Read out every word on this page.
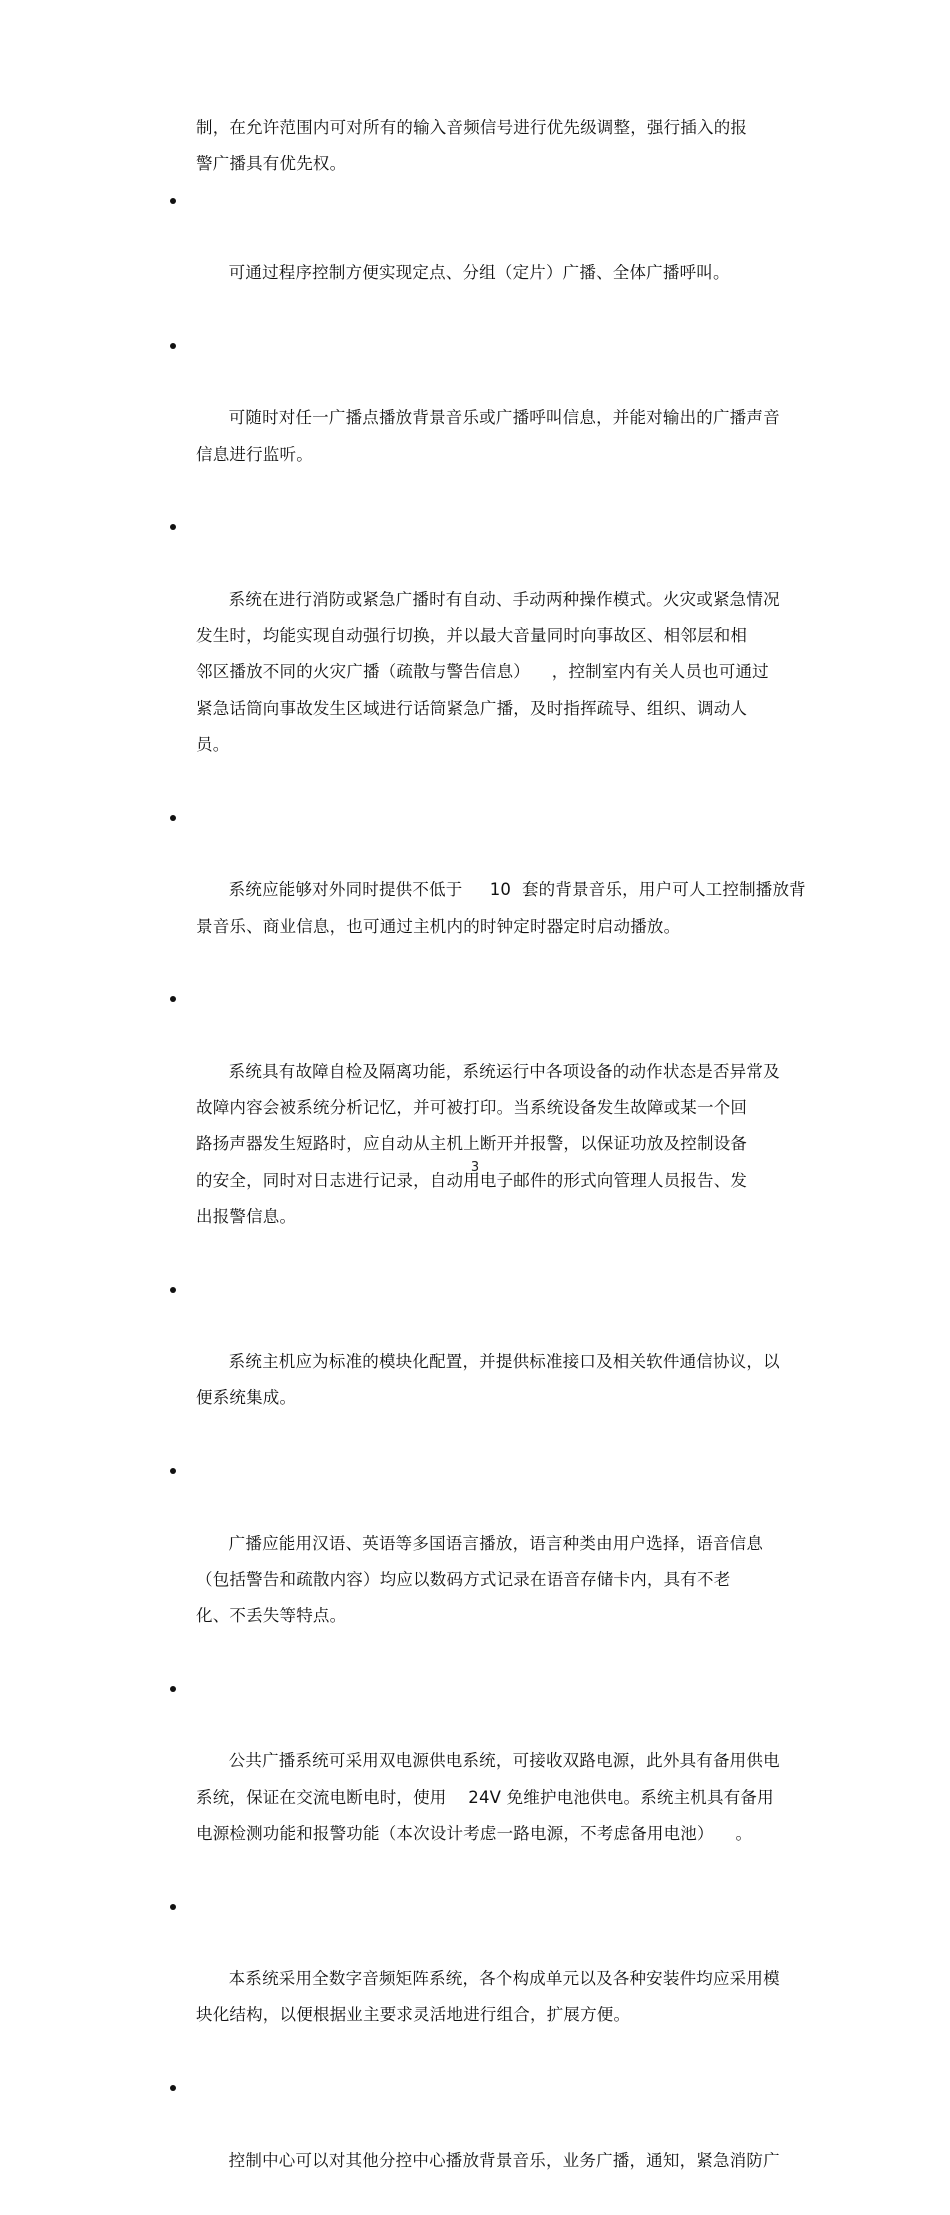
制，在允许范围内可对所有的输入音频信号进行优先级调整，强行插入的报
警广播具有优先权。

可通过程序控制方便实现定点、分组（定片）广播、全体广播呼叫。

可随时对任一广播点播放背景音乐或广播呼叫信息，并能对输出的广播声音
信息进行监听。

系统在进行消防或紧急广播时有自动、手动两种操作模式。火灾或紧急情况
发生时，均能实现自动强行切换，并以最大音量同时向事故区、相邻层和相
邻区播放不同的火灾广播（疏散与警告信息）    ，控制室内有关人员也可通过
紧急话筒向事故发生区域进行话筒紧急广播，及时指挥疏导、组织、调动人
员。

系统应能够对外同时提供不低于     10  套的背景音乐，用户可人工控制播放背
景音乐、商业信息，也可通过主机内的时钟定时器定时启动播放。

系统具有故障自检及隔离功能，系统运行中各项设备的动作状态是否异常及
故障内容会被系统分析记忆，并可被打印。当系统设备发生故障或某一个回
路扬声器发生短路时，应自动从主机上断开并报警，以保证功放及控制设备
的安全，同时对日志进行记录，自动用电子邮件的形式向管理人员报告、发
出报警信息。

系统主机应为标准的模块化配置，并提供标准接口及相关软件通信协议，以
便系统集成。

广播应能用汉语、英语等多国语言播放，语言种类由用户选择，语音信息
（包括警告和疏散内容）均应以数码方式记录在语音存储卡内，具有不老
化、不丢失等特点。

公共广播系统可采用双电源供电系统，可接收双路电源，此外具有备用供电
系统，保证在交流电断电时，使用    24V 免维护电池供电。系统主机具有备用
电源检测功能和报警功能（本次设计考虑一路电源，不考虑备用电池）    。

本系统采用全数字音频矩阵系统，各个构成单元以及各种安装件均应采用模
块化结构，以便根据业主要求灵活地进行组合，扩展方便。

控制中心可以对其他分控中心播放背景音乐，业务广播，通知，紧急消防广

3
